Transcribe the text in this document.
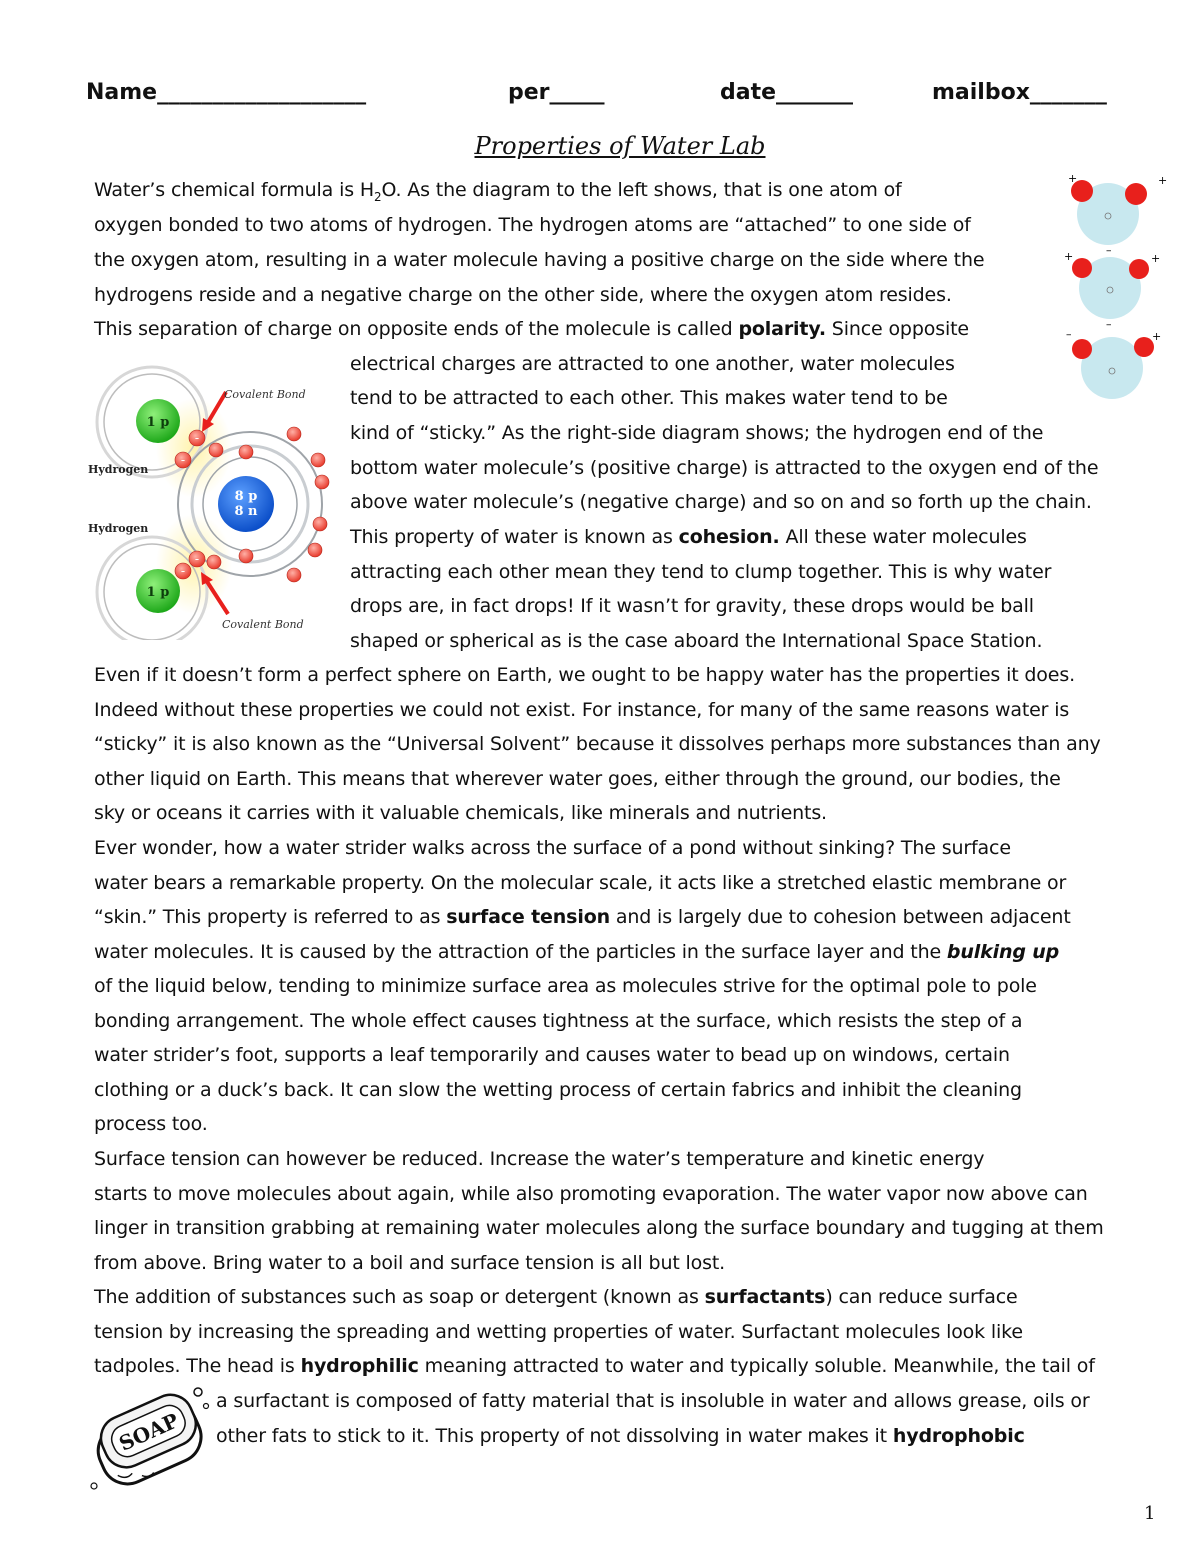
Name___________________	per_____	date_______	mailbox_______
Properties of Water Lab
Water’s chemical formula is $H_2O$. As the diagram to the left shows, that is one atom of
oxygen bonded to two atoms of hydrogen. The hydrogen atoms are “attached” to one side of
the oxygen atom, resulting in a water molecule having a positive charge on the side where the
hydrogens reside and a negative charge on the other side, where the oxygen atom resides.
This separation of charge on opposite ends of the molecule is called polarity. Since opposite
electrical charges are attracted to one another, water molecules
tend to be attracted to each other. This makes water tend to be
kind of “sticky.” As the right-side diagram shows; the hydrogen end of the
bottom water molecule’s (positive charge) is attracted to the oxygen end of the
above water molecule’s (negative charge) and so on and so forth up the chain.
This property of water is known as cohesion. All these water molecules
attracting each other mean they tend to clump together. This is why water
drops are, in fact drops! If it wasn’t for gravity, these drops would be ball
shaped or spherical as is the case aboard the International Space Station.
Even if it doesn’t form a perfect sphere on Earth, we ought to be happy water has the properties it does.
Indeed without these properties we could not exist. For instance, for many of the same reasons water is
“sticky” it is also known as the “Universal Solvent” because it dissolves perhaps more substances than any
other liquid on Earth. This means that wherever water goes, either through the ground, our bodies, the
sky or oceans it carries with it valuable chemicals, like minerals and nutrients.
Ever wonder, how a water strider walks across the surface of a pond without sinking? The surface
water bears a remarkable property. On the molecular scale, it acts like a stretched elastic membrane or
“skin.” This property is referred to as surface tension and is largely due to cohesion between adjacent
water molecules. It is caused by the attraction of the particles in the surface layer and the bulking up
of the liquid below, tending to minimize surface area as molecules strive for the optimal pole to pole
bonding arrangement. The whole effect causes tightness at the surface, which resists the step of a
water strider’s foot, supports a leaf temporarily and causes water to bead up on windows, certain
clothing or a duck’s back. It can slow the wetting process of certain fabrics and inhibit the cleaning
process too.
Surface tension can however be reduced. Increase the water’s temperature and kinetic energy
starts to move molecules about again, while also promoting evaporation. The water vapor now above can
linger in transition grabbing at remaining water molecules along the surface boundary and tugging at them
from above. Bring water to a boil and surface tension is all but lost.
The addition of substances such as soap or detergent (known as surfactants) can reduce surface
tension by increasing the spreading and wetting properties of water. Surfactant molecules look like
tadpoles. The head is hydrophilic meaning attracted to water and typically soluble. Meanwhile, the tail of
a surfactant is composed of fatty material that is insoluble in water and allows grease, oils or
other fats to stick to it. This property of not dissolving in water makes it hydrophobic
+	+
+	–
+
–
–
+
1 p
1 p
8 p
8 n
–
–
–
–
Covalent Bond
Covalent Bond
Hydrogen
Hydrogen
SOAP
1
